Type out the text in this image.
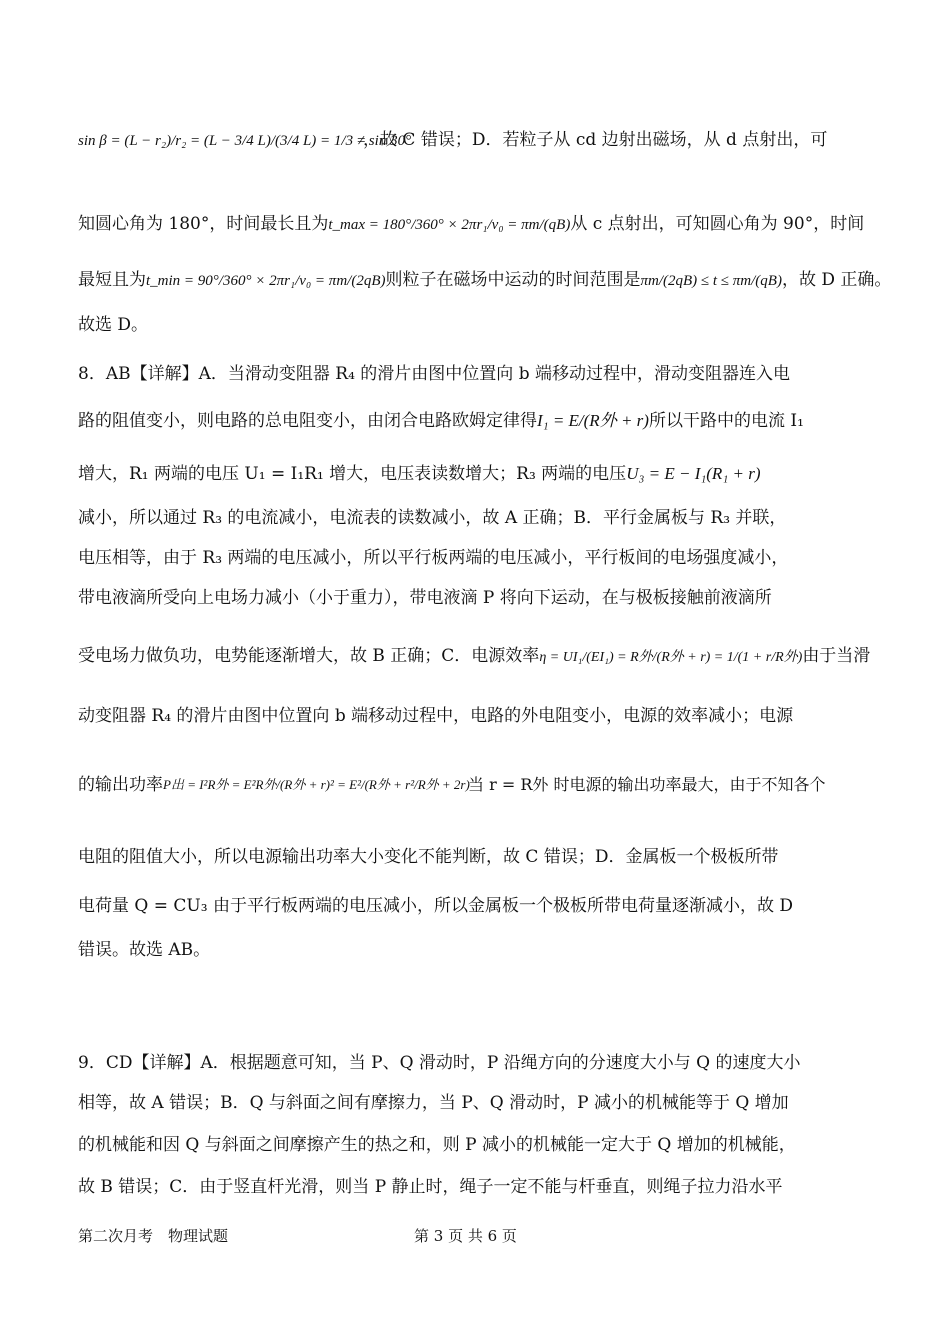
sin β = (L − r₂)/r₂ = (L − 3/4 L)/(3/4 L) = 1/3 ≠ sin 30°，故 C 错误；D．若粒子从 cd 边射出磁场，从 d 点射出，可
知圆心角为 180°，时间最长且为t_max = 180°/360° × 2πr₁/v₀ = πm/(qB)从 c 点射出，可知圆心角为 90°，时间
最短且为t_min = 90°/360° × 2πr₁/v₀ = πm/(2qB)则粒子在磁场中运动的时间范围是πm/(2qB) ≤ t ≤ πm/(qB)，故 D 正确。
故选 D。
8．AB【详解】A．当滑动变阻器 R₄ 的滑片由图中位置向 b 端移动过程中，滑动变阻器连入电
路的阻值变小，则电路的总电阻变小，由闭合电路欧姆定律得I₁ = E/(R外 + r)所以干路中的电流 I₁
增大，R₁ 两端的电压 U₁ = I₁R₁ 增大，电压表读数增大；R₃ 两端的电压U₃ = E − I₁(R₁ + r)
减小，所以通过 R₃ 的电流减小，电流表的读数减小，故 A 正确；B．平行金属板与 R₃ 并联，
电压相等，由于 R₃ 两端的电压减小，所以平行板两端的电压减小，平行板间的电场强度减小，
带电液滴所受向上电场力减小（小于重力），带电液滴 P 将向下运动，在与极板接触前液滴所
受电场力做负功，电势能逐渐增大，故 B 正确；C．电源效率η = UI₁/(EI₁) = R外/(R外 + r) = 1/(1 + r/R外)由于当滑
动变阻器 R₄ 的滑片由图中位置向 b 端移动过程中，电路的外电阻变小，电源的效率减小；电源
的输出功率P出 = I²R外 = E²R外/(R外 + r)² = E²/(R外 + r²/R外 + 2r)当 r = R外 时电源的输出功率最大，由于不知各个
电阻的阻值大小，所以电源输出功率大小变化不能判断，故 C 错误；D．金属板一个极板所带
电荷量 Q = CU₃ 由于平行板两端的电压减小，所以金属板一个极板所带电荷量逐渐减小，故 D
错误。故选 AB。
9．CD【详解】A．根据题意可知，当 P、Q 滑动时，P 沿绳方向的分速度大小与 Q 的速度大小
相等，故 A 错误；B．Q 与斜面之间有摩擦力，当 P、Q 滑动时，P 减小的机械能等于 Q 增加
的机械能和因 Q 与斜面之间摩擦产生的热之和，则 P 减小的机械能一定大于 Q 增加的机械能，
故 B 错误；C．由于竖直杆光滑，则当 P 静止时，绳子一定不能与杆垂直，则绳子拉力沿水平
第二次月考　物理试题	第 3 页 共 6 页
